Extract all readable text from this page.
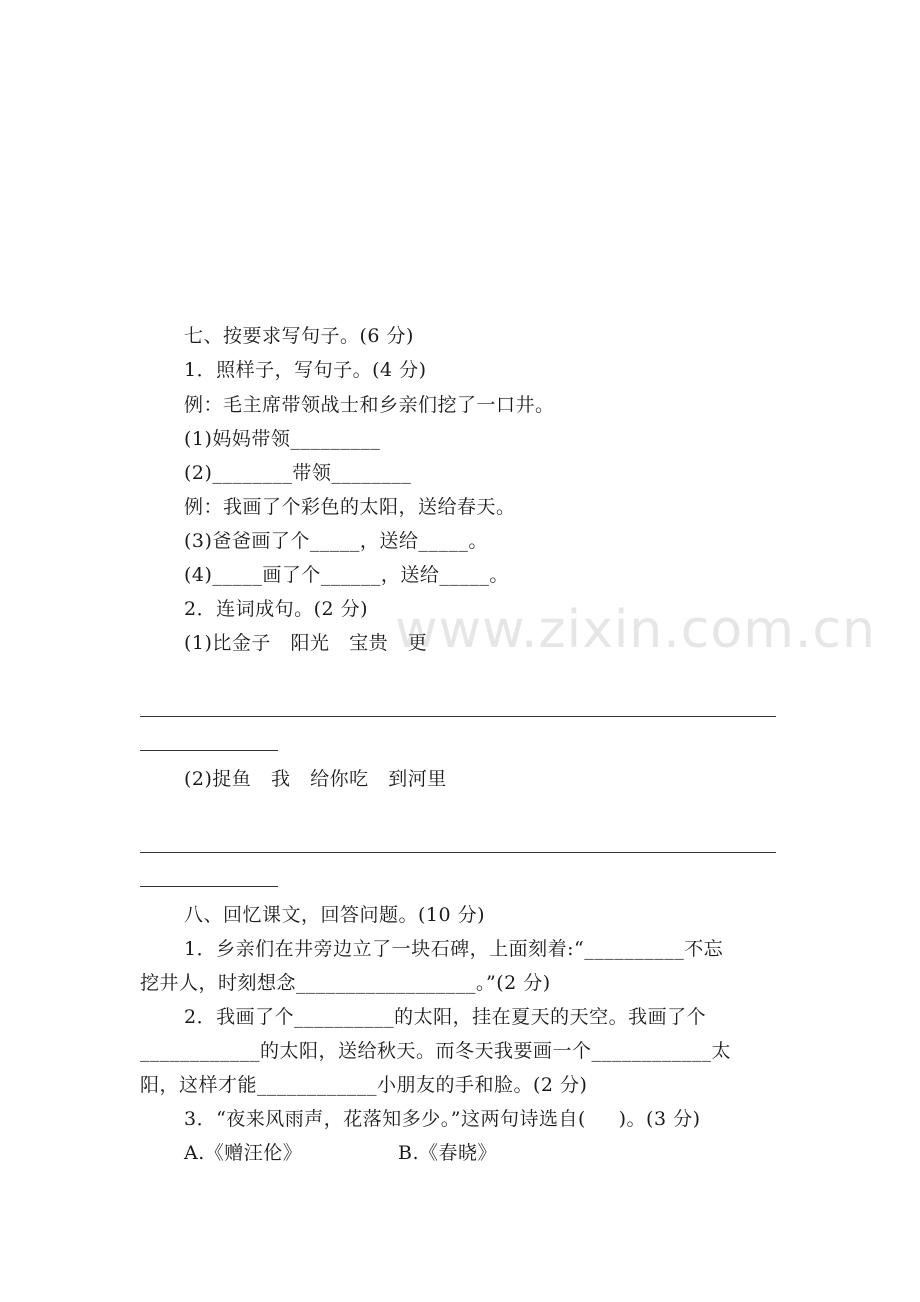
www.zixin.com.cn
七、按要求写句子。(6 分)
1．照样子，写句子。(4 分)
例：毛主席带领战士和乡亲们挖了一口井。
(1)妈妈带领_________
(2)________带领________
例：我画了个彩色的太阳，送给春天。
(3)爸爸画了个_____，送给_____。
(4)_____画了个______，送给_____。
2．连词成句。(2 分)
(1)比金子   阳光   宝贵   更
(2)捉鱼   我   给你吃   到河里
八、回忆课文，回答问题。(10 分)
1．乡亲们在井旁边立了一块石碑，上面刻着:“__________不忘
挖井人，时刻想念__________________。”(2 分)
2．我画了个__________的太阳，挂在夏天的天空。我画了个
____________的太阳，送给秋天。而冬天我要画一个____________太
阳，这样才能____________小朋友的手和脸。(2 分)
3．“夜来风雨声，花落知多少。”这两句诗选自(     )。(3 分)
A.《赠汪伦》	B.《春晓》
